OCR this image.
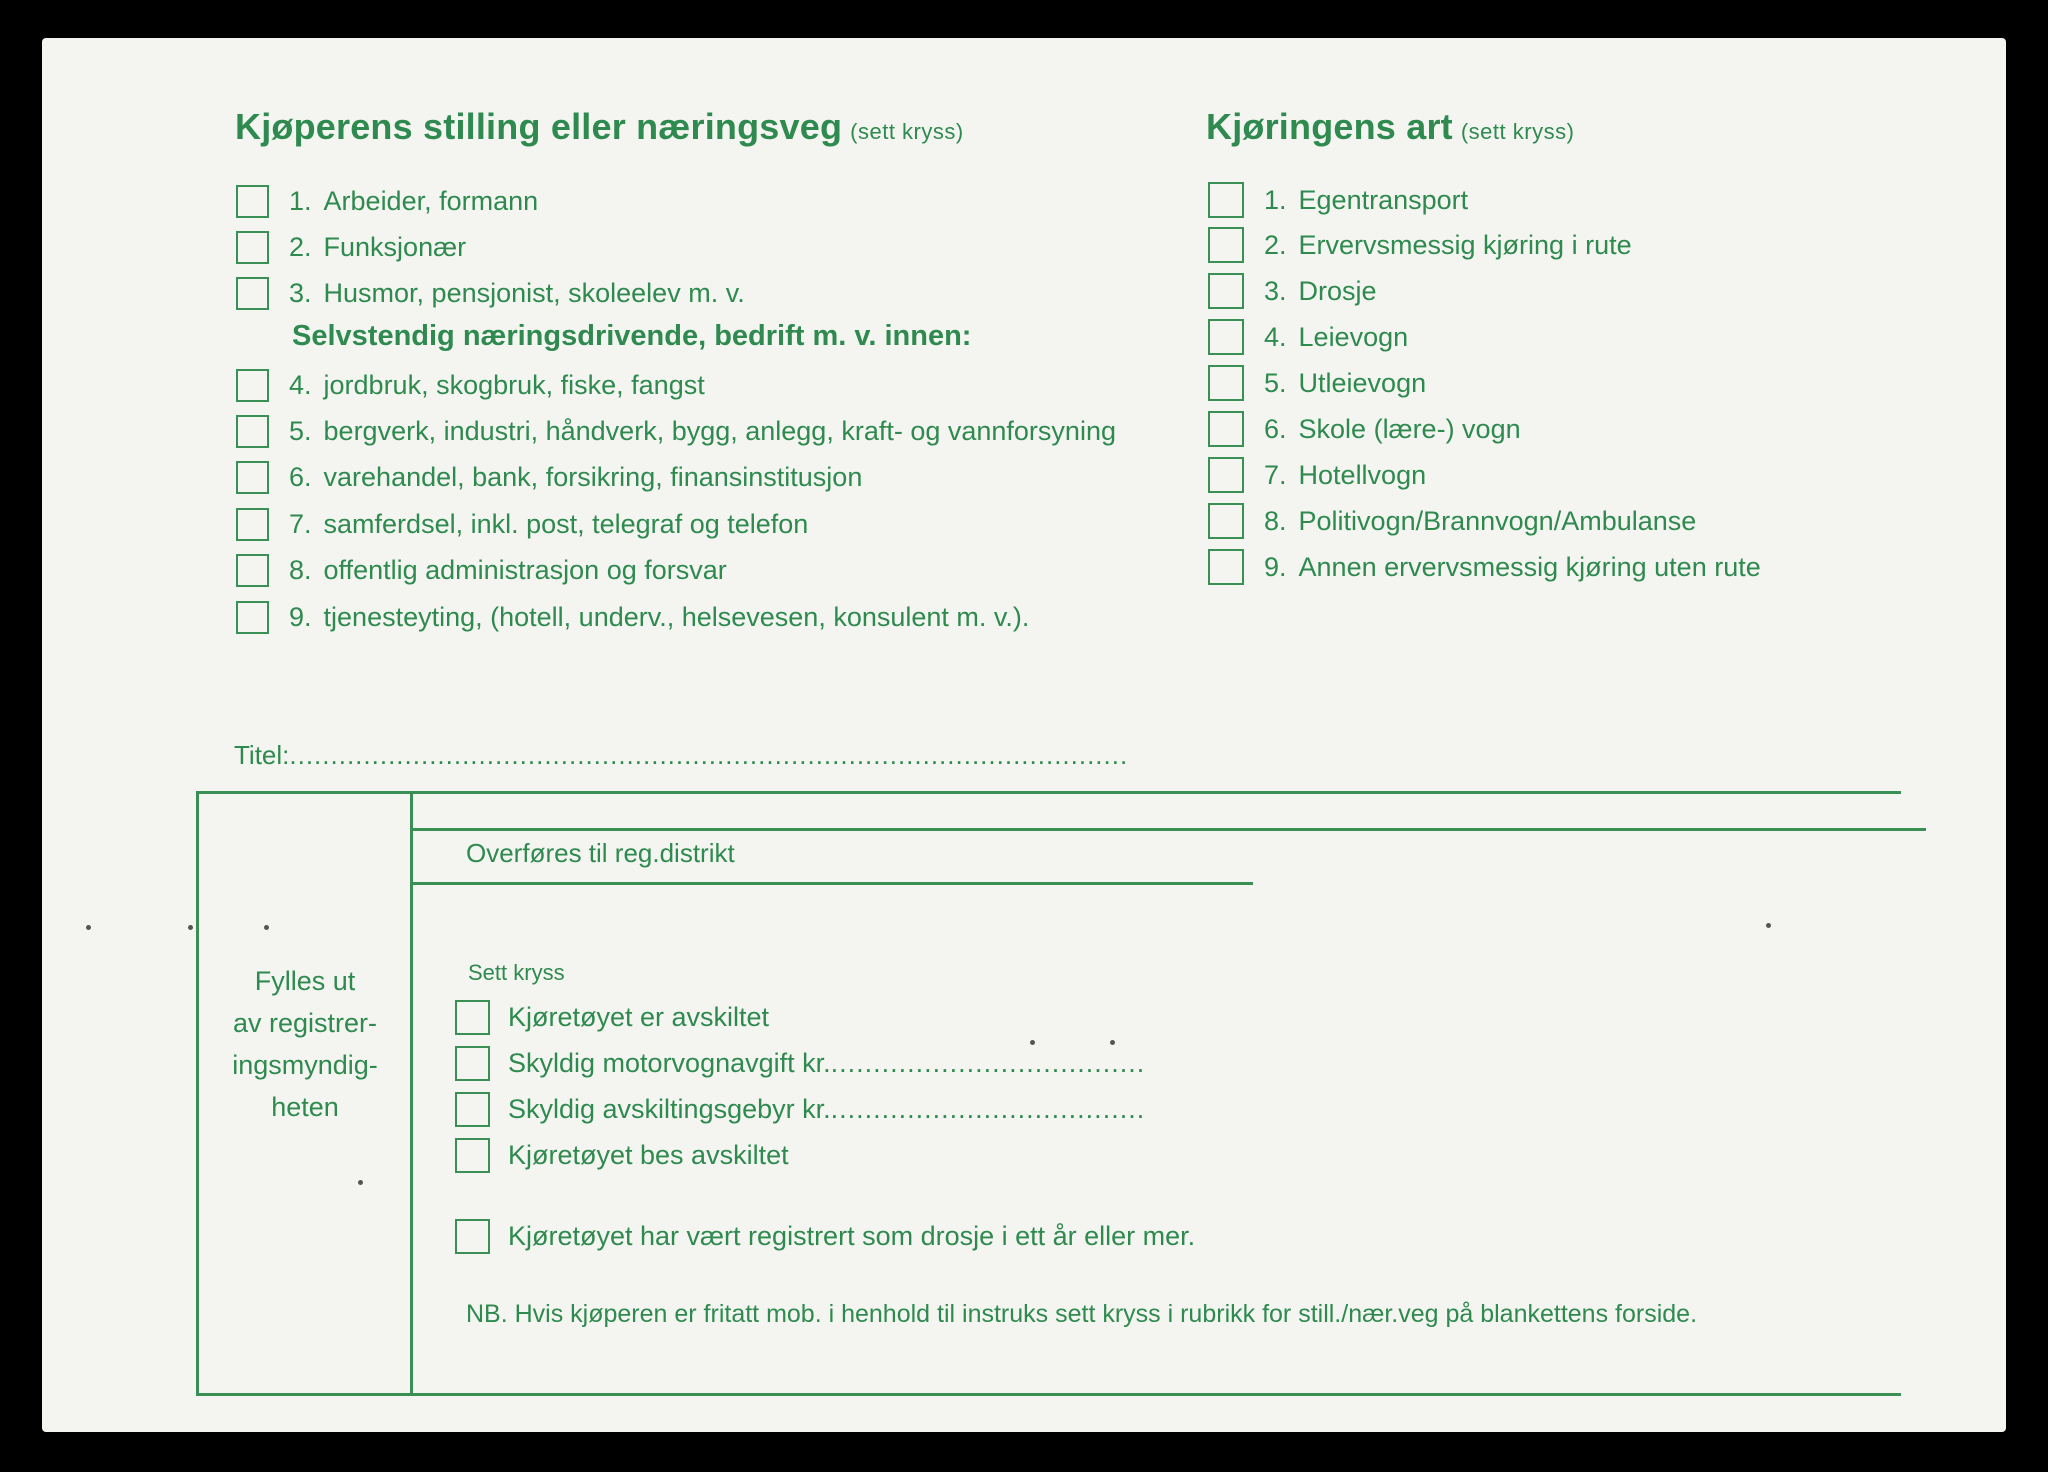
Kjøperens stilling eller næringsveg (sett kryss)
1. Arbeider, formann
2. Funksjonær
3. Husmor, pensjonist, skoleelev m. v.
Selvstendig næringsdrivende, bedrift m. v. innen:
4. jordbruk, skogbruk, fiske, fangst
5. bergverk, industri, håndverk, bygg, anlegg, kraft- og vannforsyning
6. varehandel, bank, forsikring, finansinstitusjon
7. samferdsel, inkl. post, telegraf og telefon
8. offentlig administrasjon og forsvar
9. tjenesteyting, (hotell, underv., helsevesen, konsulent m. v.).
Titel:......................................................................................................
Kjøringens art (sett kryss)
1. Egentransport
2. Ervervsmessig kjøring i rute
3. Drosje
4. Leievogn
5. Utleievogn
6. Skole (lære-) vogn
7. Hotellvogn
8. Politivogn/Brannvogn/Ambulanse
9. Annen ervervsmessig kjøring uten rute
Fylles ut
av registrer-
ingsmyndig-
heten
Overføres til reg.distrikt
Sett kryss
Kjøretøyet er avskiltet
Skyldig motorvognavgift kr. .....................................
Skyldig avskiltingsgebyr kr. .....................................
Kjøretøyet bes avskiltet
Kjøretøyet har vært registrert som drosje i ett år eller mer.
NB. Hvis kjøperen er fritatt mob. i henhold til instruks sett kryss i rubrikk for still./nær.veg på blankettens forside.
